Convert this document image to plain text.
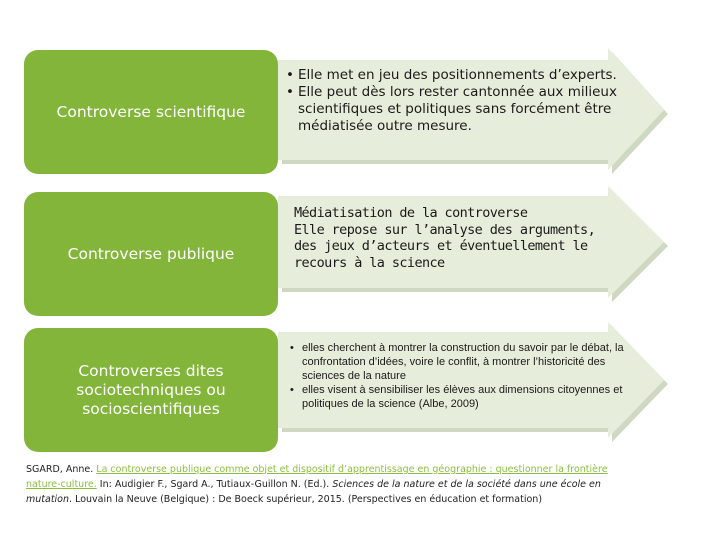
• Elle met en jeu des positionnements d’experts.
• Elle peut dès lors rester cantonnée aux milieux scientifiques et politiques sans forcément être médiatisée outre mesure.
Controverse scientifique
Médiatisation de la controverse
Elle repose sur l’analyse des arguments, des jeux d’acteurs et éventuellement le recours à la science
Controverse publique
• elles cherchent à montrer la construction du savoir par le débat, la confrontation d’idées, voire le conflit, à montrer l’historicité des sciences de la nature
• elles visent à sensibiliser les élèves aux dimensions citoyennes et politiques de la science (Albe, 2009)
Controverses dites sociotechniques ou socioscientifiques
SGARD, Anne. La controverse publique comme objet et dispositif d’apprentissage en géographie : questionner la frontière nature-culture. In: Audigier F., Sgard A., Tutiaux-Guillon N. (Ed.). Sciences de la nature et de la société dans une école en mutation. Louvain la Neuve (Belgique) : De Boeck supérieur, 2015. (Perspectives en éducation et formation)
